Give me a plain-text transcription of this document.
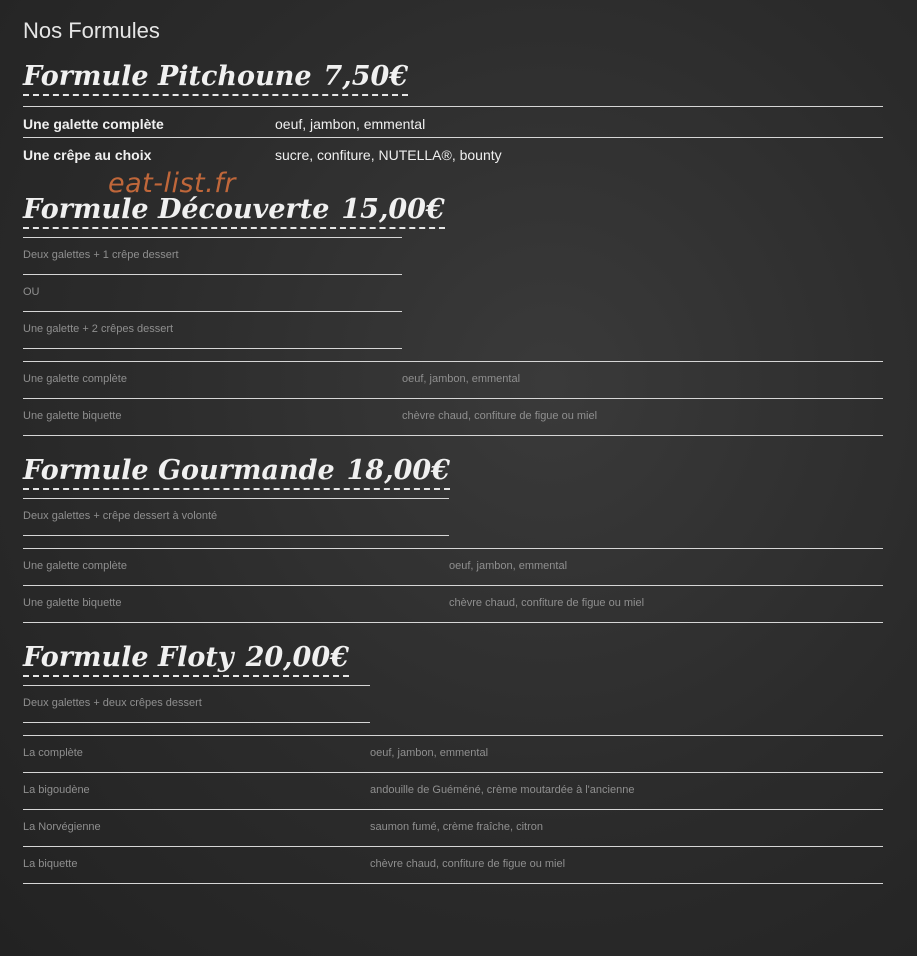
Nos Formules
Formule Pitchoune 7,50€
Une galette complète	oeuf, jambon, emmental
Une crêpe au choix	sucre, confiture, NUTELLA®, bounty
eat-list.fr
Formule Découverte 15,00€
Deux galettes + 1 crêpe dessert
OU
Une galette + 2 crêpes dessert
Une galette complète	oeuf, jambon, emmental
Une galette biquette	chèvre chaud, confiture de figue ou miel
Formule Gourmande 18,00€
Deux galettes + crêpe dessert à volonté
Une galette complète	oeuf, jambon, emmental
Une galette biquette	chèvre chaud, confiture de figue ou miel
Formule Floty 20,00€
Deux galettes + deux crêpes dessert
La complète	oeuf, jambon, emmental
La bigoudène	andouille de Guéméné, crème moutardée à l'ancienne
La Norvégienne	saumon fumé, crème fraîche, citron
La biquette	chèvre chaud, confiture de figue ou miel
